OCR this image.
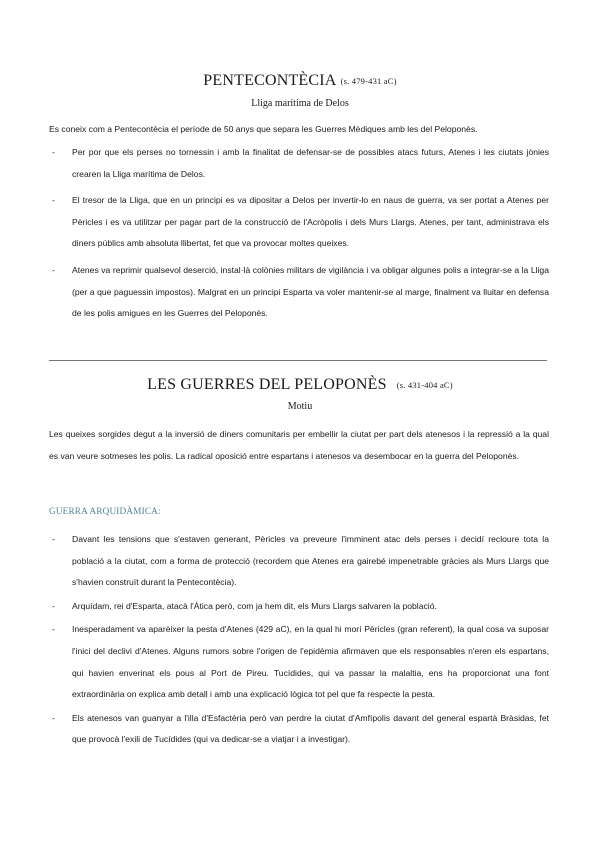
PENTECONTÈCIA (s. 479-431 aC)
Lliga marítima de Delos

Es coneix com a Pentecontècia el període de 50 anys que separa les Guerres Mèdiques amb les del Peloponès.

- Per por que els perses no tornessin i amb la finalitat de defensar-se de possibles atacs futurs, Atenes i les ciutats jònies crearen la Lliga marítima de Delos.
- El tresor de la Lliga, que en un principi es va dipositar a Delos per invertir-lo en naus de guerra, va ser portat a Atenes per Pèricles i es va utilitzar per pagar part de la construcció de l'Acròpolis i dels Murs Llargs. Atenes, per tant, administrava els diners públics amb absoluta llibertat, fet que va provocar moltes queixes.
- Atenes va reprimir qualsevol deserció, instal·là colònies militars de vigilància i va obligar algunes polis a integrar-se a la Lliga (per a que paguessin impostos). Malgrat en un principi Esparta va voler mantenir-se al marge, finalment va lluitar en defensa de les polis amigues en les Guerres del Peloponès.
LES GUERRES DEL PELOPONÈS (s. 431-404 aC)
Motiu

Les queixes sorgides degut a la inversió de diners comunitaris per embellir la ciutat per part dels atenesos i la repressió a la qual es van veure sotmeses les polis. La radical oposició entre espartans i atenesos va desembocar en la guerra del Peloponès.

GUERRA ARQUIDÀMICA:
- Davant les tensions que s'estaven generant, Pèricles va preveure l'imminent atac dels perses i decidí recloure tota la població a la ciutat, com a forma de protecció (recordem que Atenes era gairebé impenetrable gràcies als Murs Llargs que s'havien construït durant la Pentecontècia).
- Arquídam, rei d'Esparta, atacà l'Àtica però, com ja hem dit, els Murs Llargs salvaren la població.
- Inesperadament va aparèixer la pesta d'Atenes (429 aC), en la qual hi morí Pèricles (gran referent), la qual cosa va suposar l'inici del declivi d'Atenes. Alguns rumors sobre l'origen de l'epidèmia afirmaven que els responsables n'eren els espartans, qui havien enverinat els pous al Port de Pireu. Tucídides, qui va passar la malaltia, ens ha proporcionat una font extraordinària on explica amb detall i amb una explicació lògica tot pel que fa respecte la pesta.
- Els atenesos van guanyar a l'illa d'Esfactèria però van perdre la ciutat d'Amfípolis davant del general espartà Bràsidas, fet que provocà l'exili de Tucídides (qui va dedicar-se a viatjar i a investigar).
